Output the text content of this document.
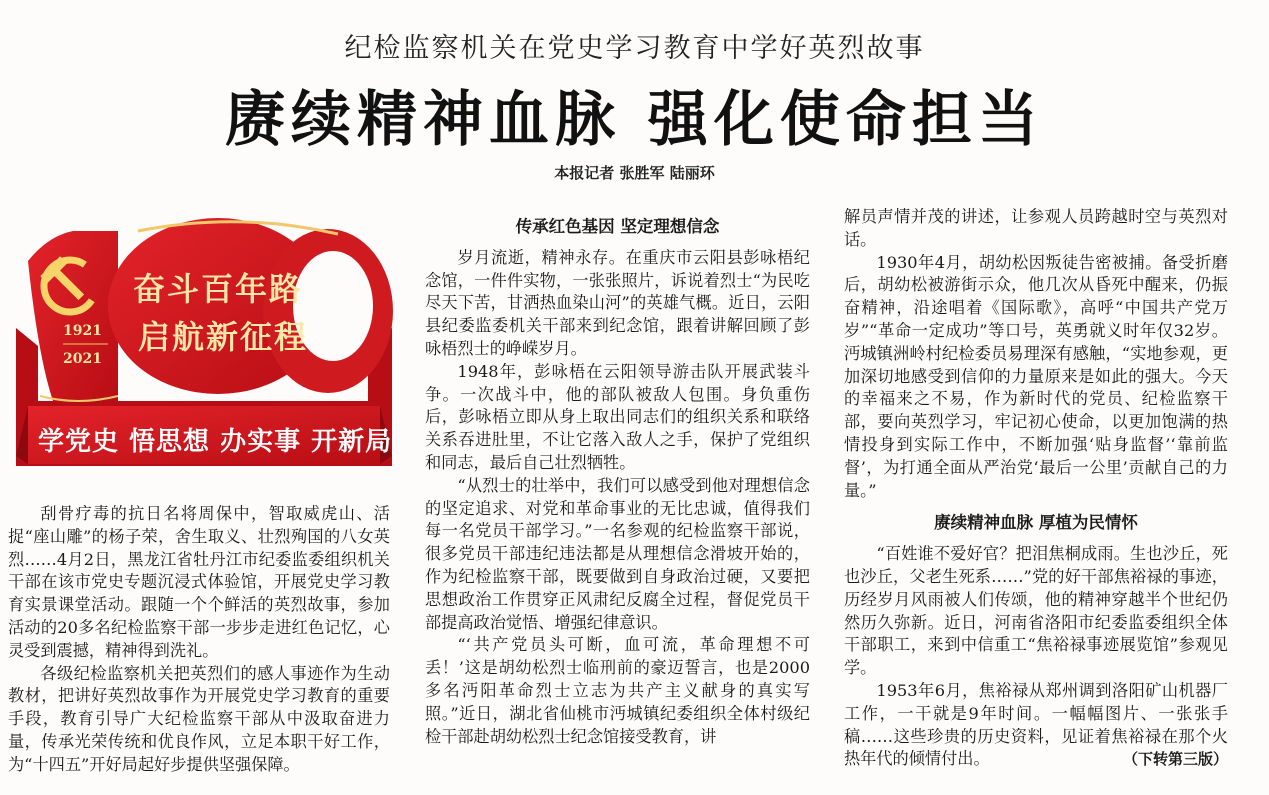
纪检监察机关在党史学习教育中学好英烈故事
赓续精神血脉 强化使命担当
本报记者 张胜军 陆丽环
奋斗百年路
启航新征程
1921
2021
学党史 悟思想 办实事 开新局

刮骨疗毒的抗日名将周保中，智取威虎山、活捉“座山雕”的杨子荣，舍生取义、壮烈殉国的八女英烈……4月2日，黑龙江省牡丹江市纪委监委组织机关干部在该市党史专题沉浸式体验馆，开展党史学习教育实景课堂活动。跟随一个个鲜活的英烈故事，参加活动的20多名纪检监察干部一步步走进红色记忆，心灵受到震撼，精神得到洗礼。

各级纪检监察机关把英烈们的感人事迹作为生动教材，把讲好英烈故事作为开展党史学习教育的重要手段，教育引导广大纪检监察干部从中汲取奋进力量，传承光荣传统和优良作风，立足本职干好工作，为“十四五”开好局起好步提供坚强保障。

传承红色基因 坚定理想信念

岁月流逝，精神永存。在重庆市云阳县彭咏梧纪念馆，一件件实物，一张张照片，诉说着烈士“为民吃尽天下苦，甘洒热血染山河”的英雄气概。近日，云阳县纪委监委机关干部来到纪念馆，跟着讲解回顾了彭咏梧烈士的峥嵘岁月。

1948年，彭咏梧在云阳领导游击队开展武装斗争。一次战斗中，他的部队被敌人包围。身负重伤后，彭咏梧立即从身上取出同志们的组织关系和联络关系吞进肚里，不让它落入敌人之手，保护了党组织和同志，最后自己壮烈牺牲。

“从烈士的壮举中，我们可以感受到他对理想信念的坚定追求、对党和革命事业的无比忠诚，值得我们每一名党员干部学习。”一名参观的纪检监察干部说，很多党员干部违纪违法都是从理想信念滑坡开始的，作为纪检监察干部，既要做到自身政治过硬，又要把思想政治工作贯穿正风肃纪反腐全过程，督促党员干部提高政治觉悟、增强纪律意识。

“‘共产党员头可断，血可流，革命理想不可丢！’这是胡幼松烈士临刑前的豪迈誓言，也是2000多名沔阳革命烈士立志为共产主义献身的真实写照。”近日，湖北省仙桃市沔城镇纪委组织全体村级纪检干部赴胡幼松烈士纪念馆接受教育，讲

解员声情并茂的讲述，让参观人员跨越时空与英烈对话。

1930年4月，胡幼松因叛徒告密被捕。备受折磨后，胡幼松被游街示众，他几次从昏死中醒来，仍振奋精神，沿途唱着《国际歌》，高呼“中国共产党万岁”“革命一定成功”等口号，英勇就义时年仅32岁。沔城镇洲岭村纪检委员易理深有感触，“实地参观，更加深切地感受到信仰的力量原来是如此的强大。今天的幸福来之不易，作为新时代的党员、纪检监察干部，要向英烈学习，牢记初心使命，以更加饱满的热情投身到实际工作中，不断加强‘贴身监督’‘靠前监督’，为打通全面从严治党‘最后一公里’贡献自己的力量。”

赓续精神血脉 厚植为民情怀

“百姓谁不爱好官？把泪焦桐成雨。生也沙丘，死也沙丘，父老生死系……”党的好干部焦裕禄的事迹，历经岁月风雨被人们传颂，他的精神穿越半个世纪仍然历久弥新。近日，河南省洛阳市纪委监委组织全体干部职工，来到中信重工“焦裕禄事迹展览馆”参观见学。

1953年6月，焦裕禄从郑州调到洛阳矿山机器厂工作，一干就是9年时间。一幅幅图片、一张张手稿……这些珍贵的历史资料，见证着焦裕禄在那个火热年代的倾情付出。	（下转第三版）
